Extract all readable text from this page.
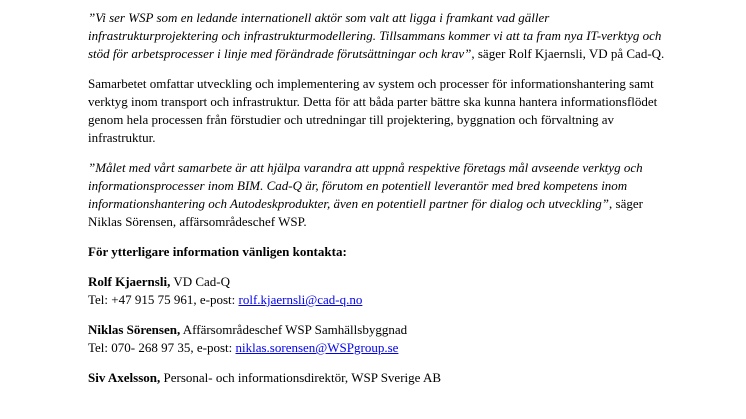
”Vi ser WSP som en ledande internationell aktör som valt att ligga i framkant vad gäller infrastrukturprojektering och infrastrukturmodellering. Tillsammans kommer vi att ta fram nya IT-verktyg och stöd för arbetsprocesser i linje med förändrade förutsättningar och krav”, säger Rolf Kjaernsli, VD på Cad-Q.

Samarbetet omfattar utveckling och implementering av system och processer för informationshantering samt verktyg inom transport och infrastruktur. Detta för att båda parter bättre ska kunna hantera informationsflödet genom hela processen från förstudier och utredningar till projektering, byggnation och förvaltning av infrastruktur.

”Målet med vårt samarbete är att hjälpa varandra att uppnå respektive företags mål avseende verktyg och informationsprocesser inom BIM. Cad-Q är, förutom en potentiell leverantör med bred kompetens inom informationshantering och Autodeskprodukter, även en potentiell partner för dialog och utveckling”, säger Niklas Sörensen, affärsområdeschef WSP.

För ytterligare information vänligen kontakta:

Rolf Kjaernsli, VD Cad-Q
Tel: +47 915 75 961, e-post: rolf.kjaernsli@cad-q.no
Niklas Sörensen, Affärsområdeschef WSP Samhällsbyggnad
Tel: 070- 268 97 35, e-post: niklas.sorensen@WSPgroup.se
Siv Axelsson, Personal- och informationsdirektör, WSP Sverige AB
